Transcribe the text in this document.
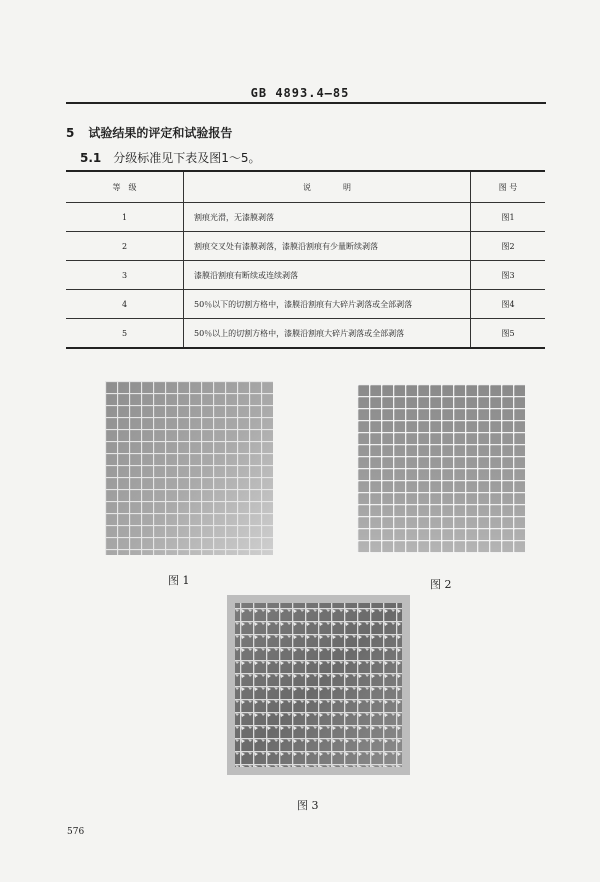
GB 4893.4—85
5 试验结果的评定和试验报告
5.1 分级标准见下表及图1～5。
等　级	说　　　　明	图 号
1	割痕光滑，无漆膜剥落	图1
2	割痕交叉处有漆膜剥落，漆膜沿割痕有少量断续剥落	图2
3	漆膜沿割痕有断续或连续剥落	图3
4	50％以下的切割方格中，漆膜沿割痕有大碎片剥落或全部剥落	图4
5	50％以上的切割方格中，漆膜沿割痕大碎片剥落或全部剥落	图5
图 1	图 2
图 3
576
